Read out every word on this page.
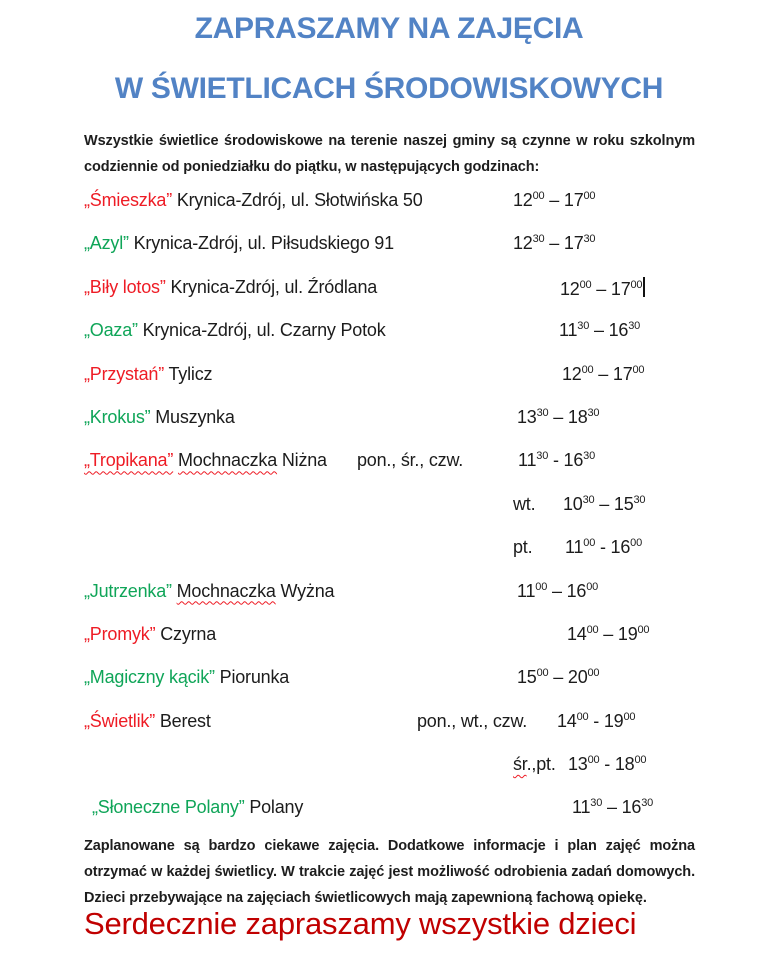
ZAPRASZAMY NA ZAJĘCIA
W ŚWIETLICACH ŚRODOWISKOWYCH
Wszystkie świetlice środowiskowe na terenie naszej gminy są czynne w roku szkolnym codziennie od poniedziałku do piątku, w następujących godzinach:
„Śmieszka” Krynica-Zdrój, ul. Słotwińska 50	$12^{00} - 17^{00}$
„Azyl” Krynica-Zdrój, ul. Piłsudskiego 91	$12^{30} - 17^{30}$
„Biły lotos” Krynica-Zdrój, ul. Źródlana	$12^{00} - 17^{00}$
„Oaza” Krynica-Zdrój, ul. Czarny Potok	$11^{30} - 16^{30}$
„Przystań” Tylicz	$12^{00} - 17^{00}$
„Krokus” Muszynka	$13^{30} - 18^{30}$
„Tropikana” Mochnaczka Niżna pon., śr., czw.	$11^{30} - 16^{30}$
wt. $10^{30} - 15^{30}$
pt. $11^{00} - 16^{00}$
„Jutrzenka” Mochnaczka Wyżna	$11^{00} - 16^{00}$
„Promyk” Czyrna	$14^{00} - 19^{00}$
„Magiczny kącik” Piorunka	$15^{00} - 20^{00}$
„Świetlik” Berest	pon., wt., czw. $14^{00} - 19^{00}$
śr.,pt. $13^{00} - 18^{00}$
„Słoneczne Polany” Polany	$11^{30} - 16^{30}$
Zaplanowane są bardzo ciekawe zajęcia. Dodatkowe informacje i plan zajęć można otrzymać w każdej świetlicy. W trakcie zajęć jest możliwość odrobienia zadań domowych. Dzieci przebywające na zajęciach świetlicowych mają zapewnioną fachową opiekę.
Serdecznie zapraszamy wszystkie dzieci
